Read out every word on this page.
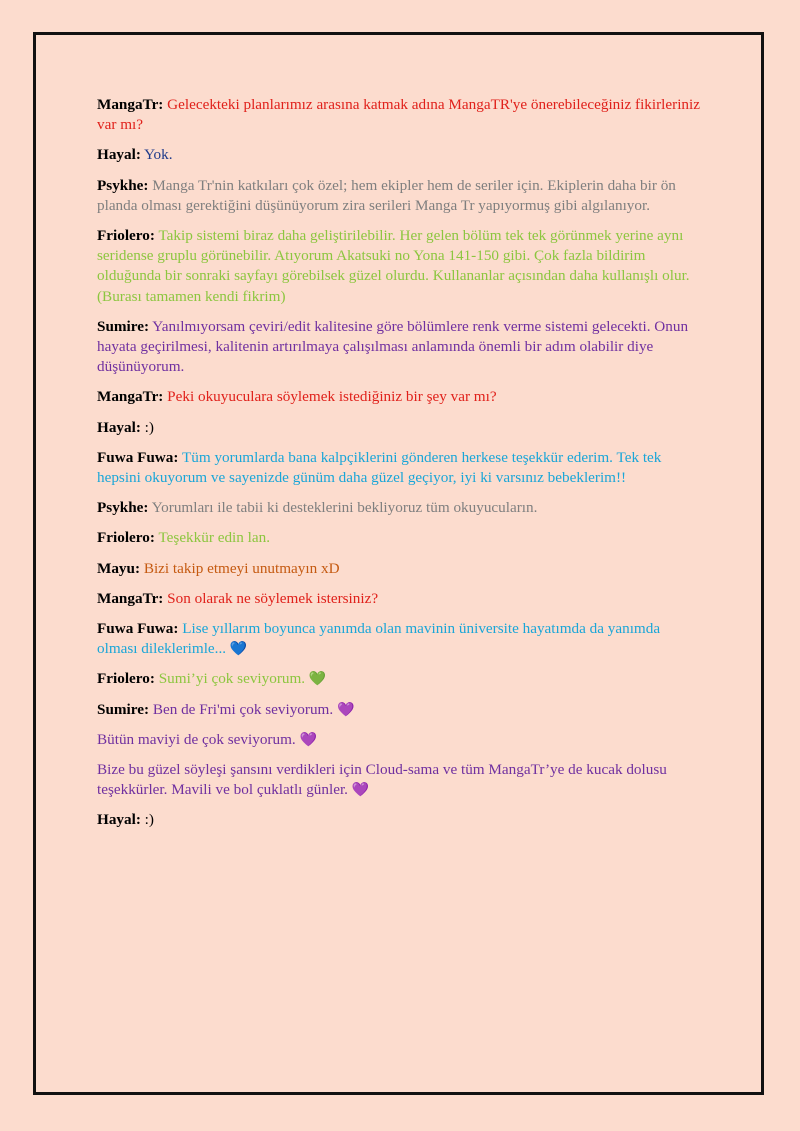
MangaTr: Gelecekteki planlarımız arasına katmak adına MangaTR'ye önerebileceğiniz fikirleriniz var mı?

Hayal: Yok.

Psykhe: Manga Tr'nin katkıları çok özel; hem ekipler hem de seriler için. Ekiplerin daha bir ön planda olması gerektiğini düşünüyorum zira serileri Manga Tr yapıyormuş gibi algılanıyor.

Friolero: Takip sistemi biraz daha geliştirilebilir. Her gelen bölüm tek tek görünmek yerine aynı seridense gruplu görünebilir. Atıyorum Akatsuki no Yona 141-150 gibi. Çok fazla bildirim olduğunda bir sonraki sayfayı görebilsek güzel olurdu. Kullananlar açısından daha kullanışlı olur. (Burası tamamen kendi fikrim)

Sumire: Yanılmıyorsam çeviri/edit kalitesine göre bölümlere renk verme sistemi gelecekti. Onun hayata geçirilmesi, kalitenin artırılmaya çalışılması anlamında önemli bir adım olabilir diye düşünüyorum.

MangaTr: Peki okuyuculara söylemek istediğiniz bir şey var mı?

Hayal: :)

Fuwa Fuwa: Tüm yorumlarda bana kalpçiklerini gönderen herkese teşekkür ederim. Tek tek hepsini okuyorum ve sayenizde günüm daha güzel geçiyor, iyi ki varsınız bebeklerim!!

Psykhe: Yorumları ile tabii ki desteklerini bekliyoruz tüm okuyucuların.

Friolero: Teşekkür edin lan.

Mayu: Bizi takip etmeyi unutmayın xD

MangaTr: Son olarak ne söylemek istersiniz?

Fuwa Fuwa: Lise yıllarım boyunca yanımda olan mavinin üniversite hayatımda da yanımda olması dileklerimle... 💙

Friolero: Sumi’yi çok seviyorum. 💚

Sumire: Ben de Fri'mi çok seviyorum. 💜

Bütün maviyi de çok seviyorum. 💜

Bize bu güzel söyleşi şansını verdikleri için Cloud-sama ve tüm MangaTr’ye de kucak dolusu teşekkürler. Mavili ve bol çuklatlı günler. 💜

Hayal: :)
